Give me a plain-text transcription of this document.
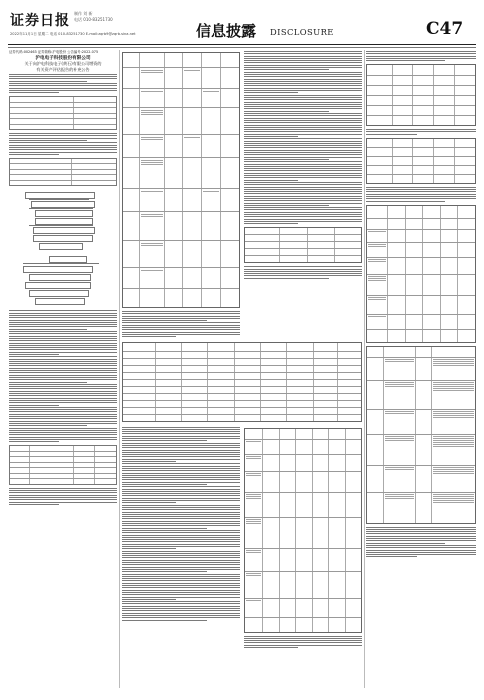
证券日报 制作 刘 新
电话 010-83251730
2022年11月1日 星期二 电话 010-83251730 E-mail:zqrb9@zqrb.sina.net	信息披露 DISCLOSURE	C47
证券代码:002463 证券简称:沪电股份 公告编号:2022-075
沪电电子科技股份有限公司
关于向沪电科技电子(黄石)有限公司增资的
有关资产评估报告的补充公告
